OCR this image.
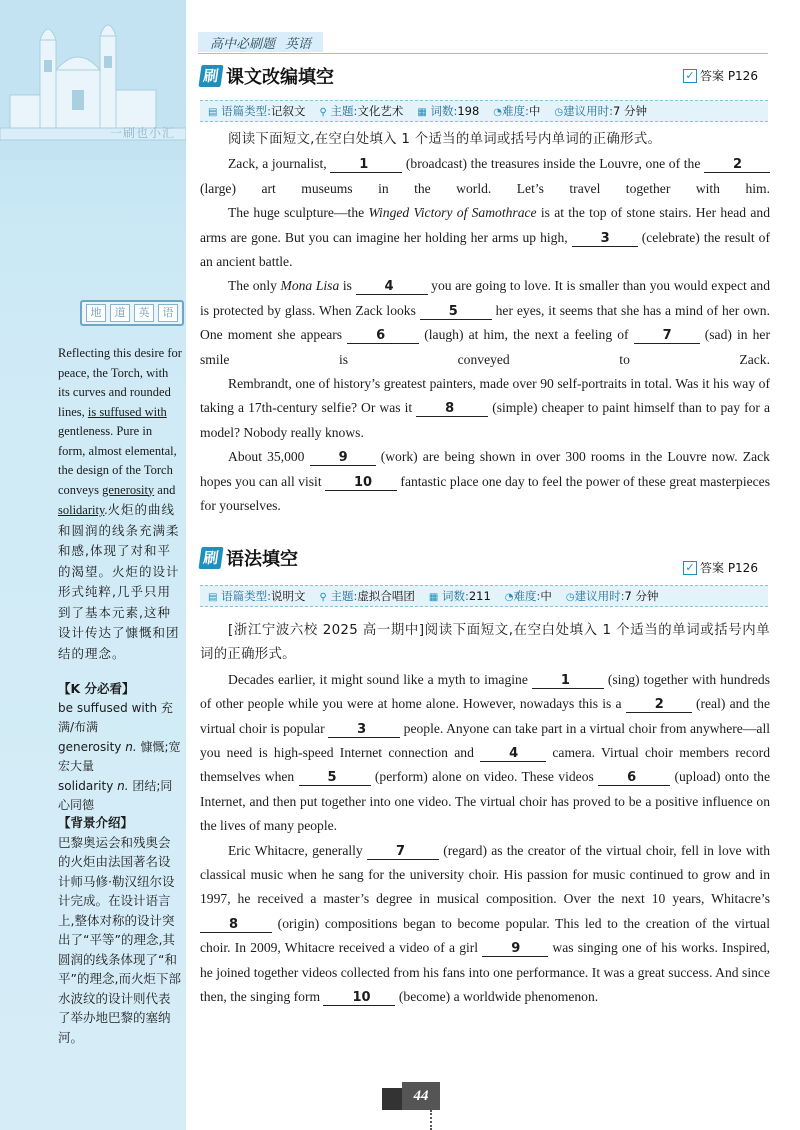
一刷也小汇
地	道	英	语
Reflecting this desire for peace, the Torch, with its curves and rounded lines, is suffused with gentleness. Pure in form, almost elemental, the design of the Torch conveys generosity and solidarity.火炬的曲线和圆润的线条充满柔和感,体现了对和平的渴望。火炬的设计形式纯粹,几乎只用到了基本元素,这种设计传达了慷慨和团结的理念。
【K 分必看】
be suffused with 充满/布满
generosity n. 慷慨;宽宏大量
solidarity n. 团结;同心同德
【背景介绍】
巴黎奥运会和残奥会的火炬由法国著名设计师马修·勒汉纽尔设计完成。在设计语言上,整体对称的设计突出了“平等”的理念,其圆润的线条体现了“和平”的理念,而火炬下部水波纹的设计则代表了举办地巴黎的塞纳河。
高中必刷题 英语
刷 课文改编填空	✓ 答案 P126
▤ 语篇类型:记叙文 ⚲ 主题:文化艺术 ▦ 词数:198 ◔难度:中 ◷建议用时:7 分钟

阅读下面短文,在空白处填入 1 个适当的单词或括号内单词的正确形式。

Zack, a journalist, 1 (broadcast) the treasures inside the Louvre, one of the 2 (large) art museums in the world. Let’s travel together with him.

The huge sculpture—the Winged Victory of Samothrace is at the top of stone stairs. Her head and arms are gone. But you can imagine her holding her arms up high, 3 (celebrate) the result of an ancient battle.

The only Mona Lisa is 4 you are going to love. It is smaller than you would expect and is protected by glass. When Zack looks 5 her eyes, it seems that she has a mind of her own. One moment she appears 6 (laugh) at him, the next a feeling of 7 (sad) in her smile is conveyed to Zack.

Rembrandt, one of history’s greatest painters, made over 90 self-portraits in total. Was it his way of taking a 17th-century selfie? Or was it 8 (simple) cheaper to paint himself than to pay for a model? Nobody really knows.

About 35,000 9 (work) are being shown in over 300 rooms in the Louvre now. Zack hopes you can all visit 10 fantastic place one day to feel the power of these great masterpieces for yourselves.

刷 语法填空	✓ 答案 P126
▤ 语篇类型:说明文 ⚲ 主题:虚拟合唱团 ▦ 词数:211 ◔难度:中 ◷建议用时:7 分钟

[浙江宁波六校 2025 高一期中]阅读下面短文,在空白处填入 1 个适当的单词或括号内单词的正确形式。

Decades earlier, it might sound like a myth to imagine 1 (sing) together with hundreds of other people while you were at home alone. However, nowadays this is a 2 (real) and the virtual choir is popular 3 people. Anyone can take part in a virtual choir from anywhere—all you need is high-speed Internet connection and 4 camera. Virtual choir members record themselves when 5 (perform) alone on video. These videos 6 (upload) onto the Internet, and then put together into one video. The virtual choir has proved to be a positive influence on the lives of many people.

Eric Whitacre, generally 7 (regard) as the creator of the virtual choir, fell in love with classical music when he sang for the university choir. His passion for music continued to grow and in 1997, he received a master’s degree in musical composition. Over the next 10 years, Whitacre’s 8 (origin) compositions began to become popular. This led to the creation of the virtual choir. In 2009, Whitacre received a video of a girl 9 was singing one of his works. Inspired, he joined together videos collected from his fans into one performance. It was a great success. And since then, the singing form 10 (become) a worldwide phenomenon.

44
